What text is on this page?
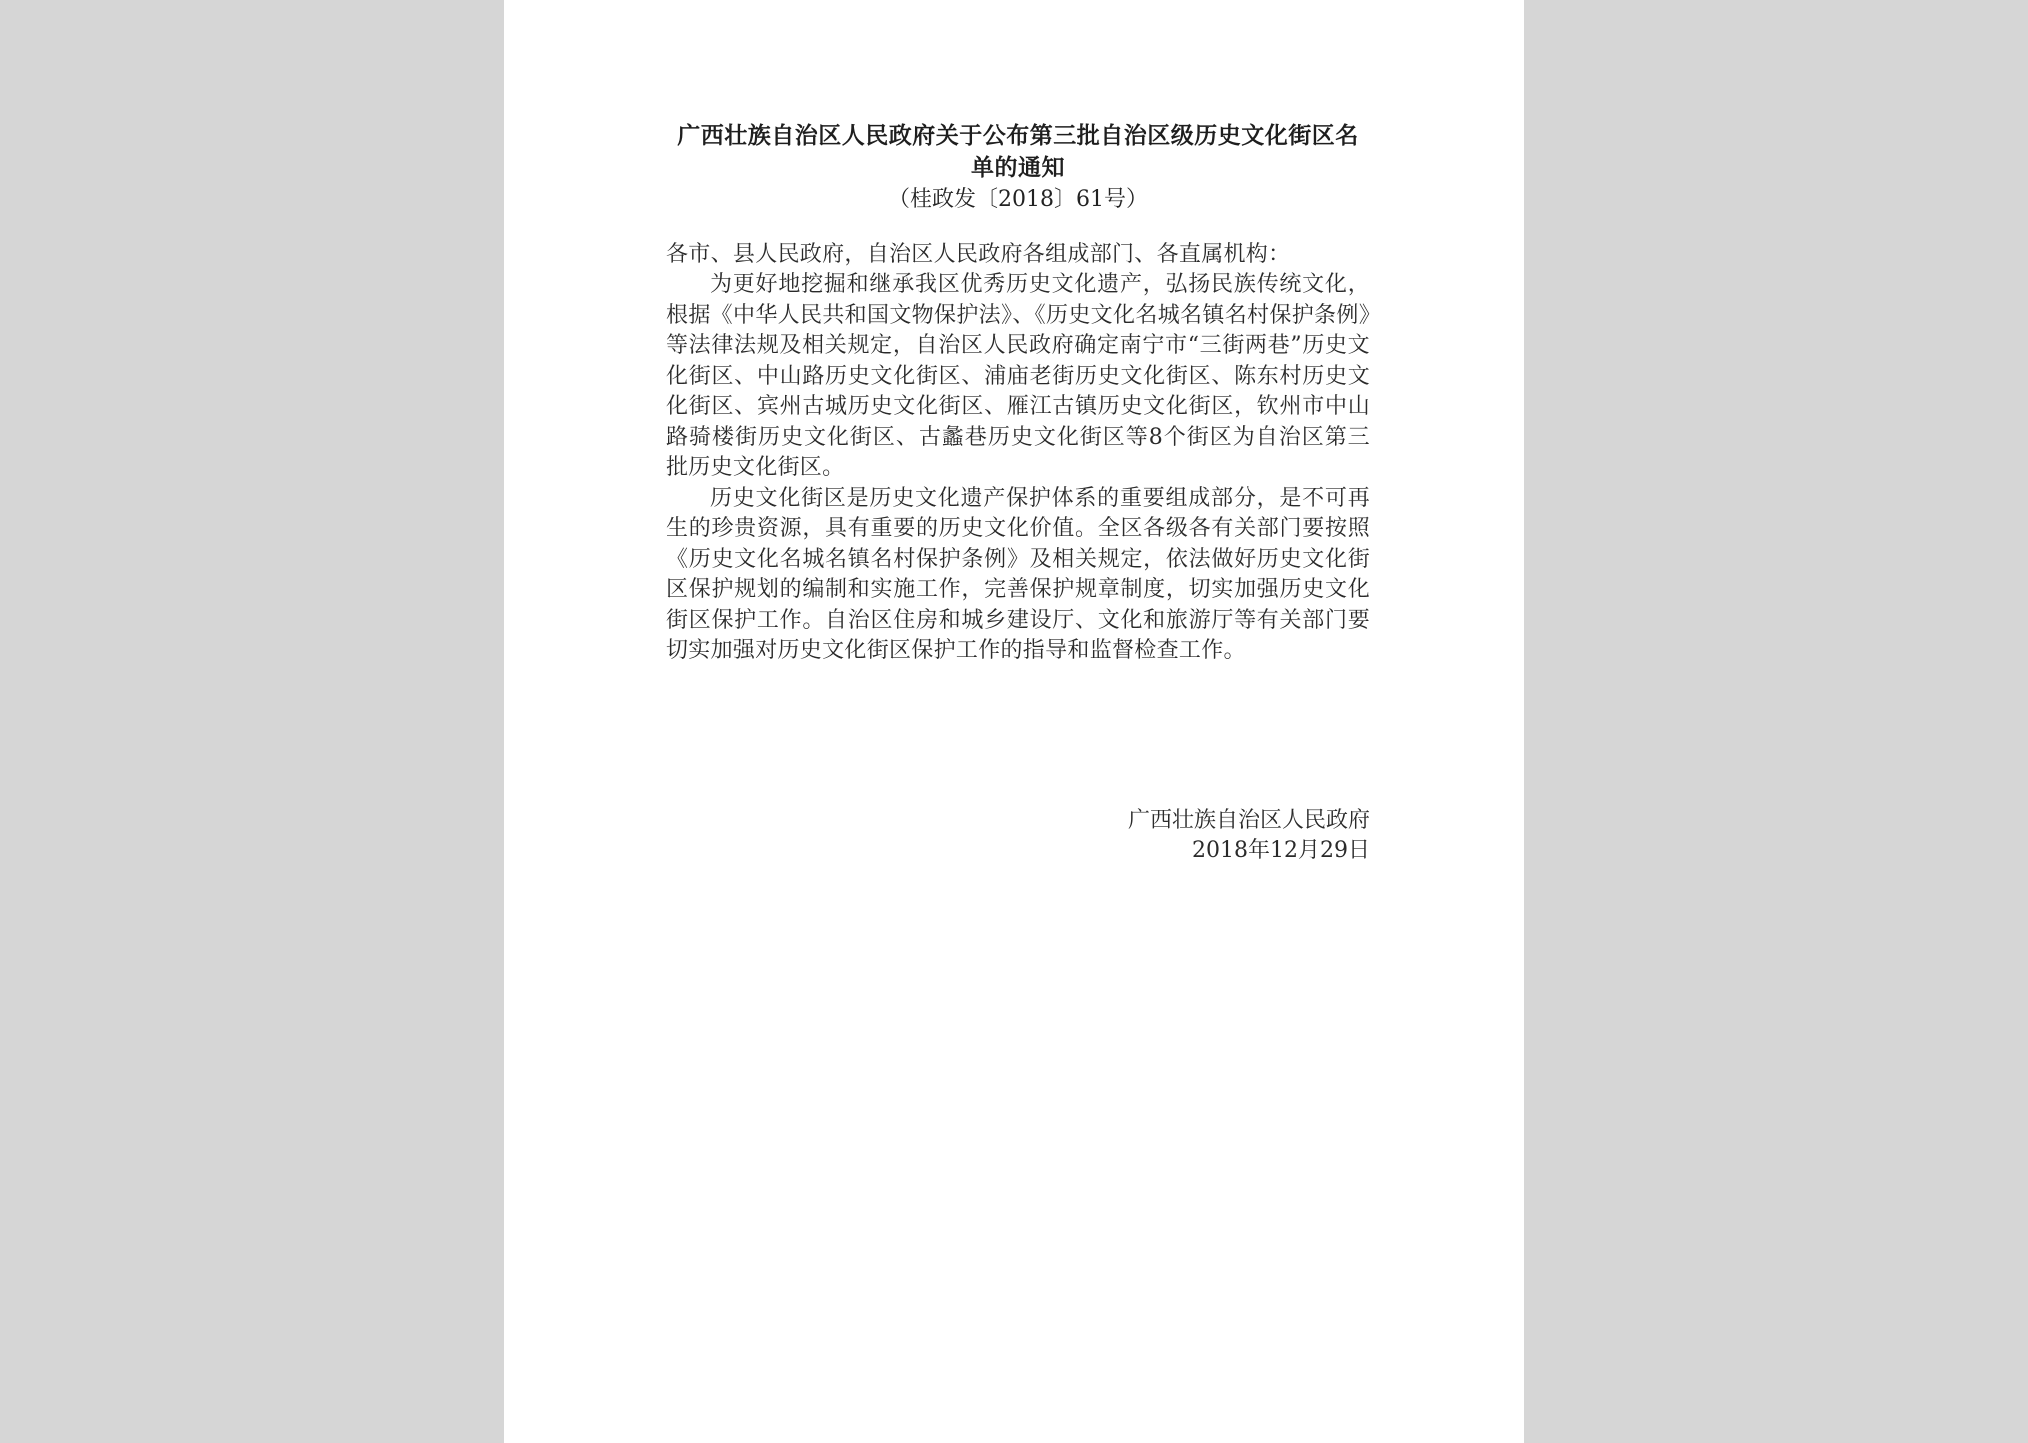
广西壮族自治区人民政府关于公布第三批自治区级历史文化街区名单的通知

（桂政发〔2018〕61号）

各市、县人民政府，自治区人民政府各组成部门、各直属机构：

为更好地挖掘和继承我区优秀历史文化遗产，弘扬民族传统文化，根据《中华人民共和国文物保护法》、《历史文化名城名镇名村保护条例》等法律法规及相关规定，自治区人民政府确定南宁市“三街两巷”历史文化街区、中山路历史文化街区、浦庙老街历史文化街区、陈东村历史文化街区、宾州古城历史文化街区、雁江古镇历史文化街区，钦州市中山路骑楼街历史文化街区、古蠡巷历史文化街区等8个街区为自治区第三批历史文化街区。

历史文化街区是历史文化遗产保护体系的重要组成部分，是不可再生的珍贵资源，具有重要的历史文化价值。全区各级各有关部门要按照《历史文化名城名镇名村保护条例》及相关规定，依法做好历史文化街区保护规划的编制和实施工作，完善保护规章制度，切实加强历史文化街区保护工作。自治区住房和城乡建设厅、文化和旅游厅等有关部门要切实加强对历史文化街区保护工作的指导和监督检查工作。

广西壮族自治区人民政府
2018年12月29日
